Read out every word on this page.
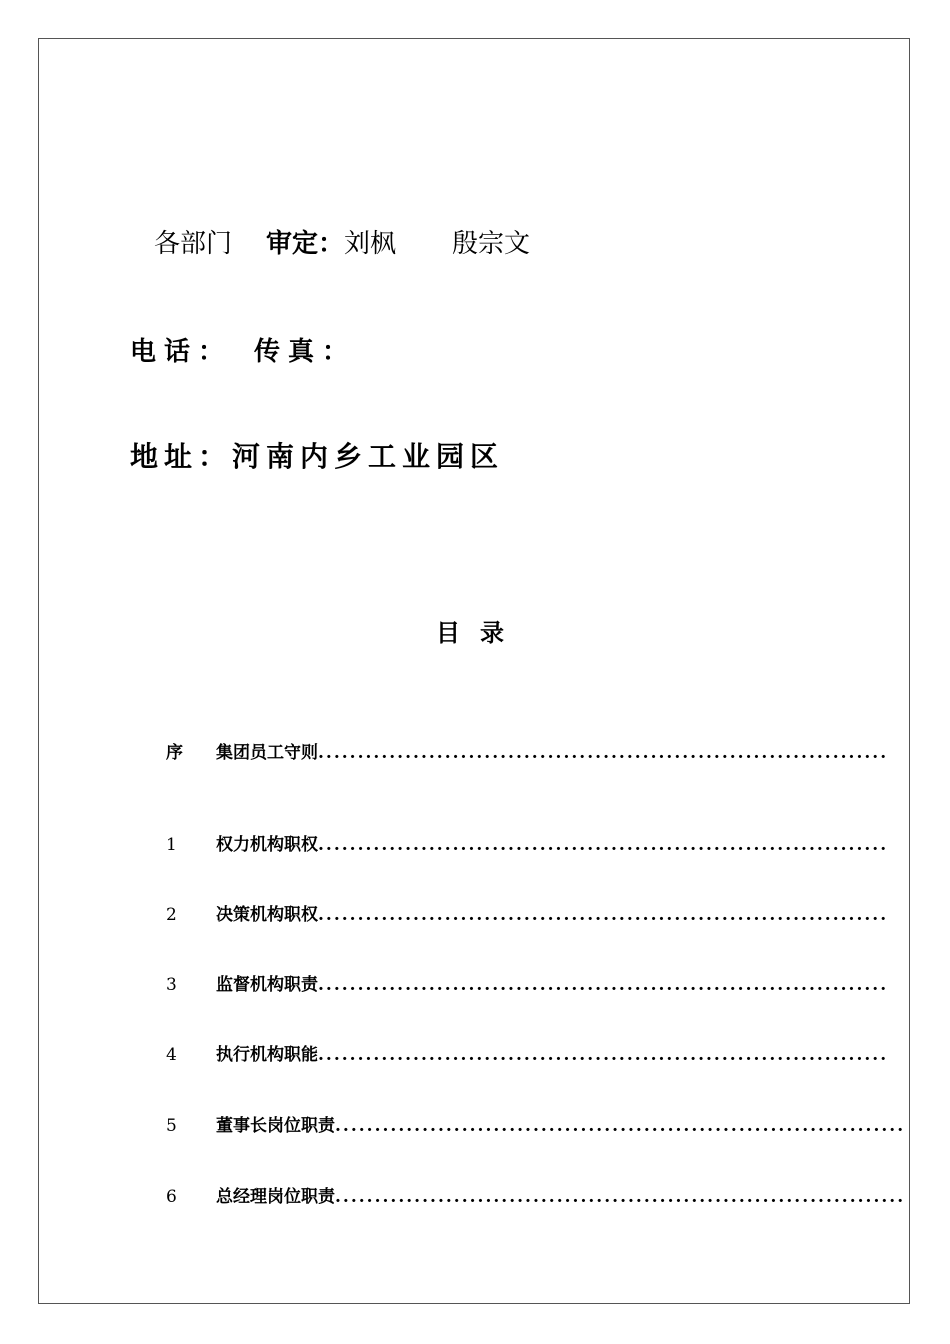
各部门 审定：刘枫 殷宗文
电话： 传真：
地址：河南内乡工业园区
目录
序	集团员工守则 ........................................................................
1	权力机构职权 ........................................................................
2	决策机构职权 ........................................................................
3	监督机构职责 ........................................................................
4	执行机构职能 ........................................................................
5	董事长岗位职责 ........................................................................
6	总经理岗位职责 ........................................................................
